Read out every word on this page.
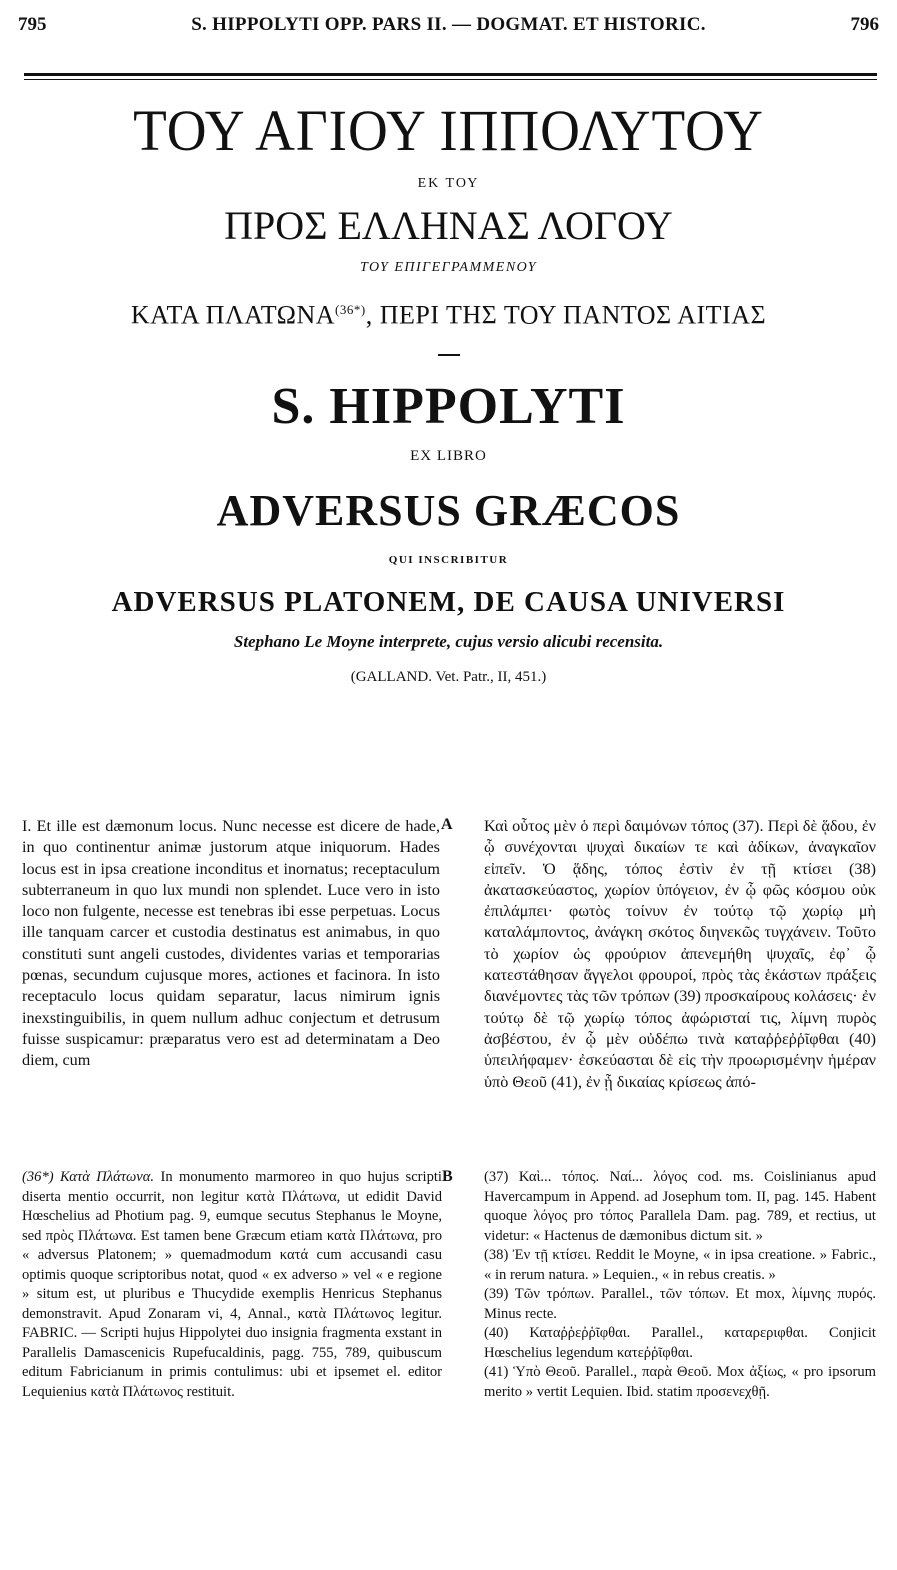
795	S. HIPPOLYTI OPP. PARS II. — DOGMAT. ET HISTORIC.	796
ΤΟΥ ΑΓΙΟΥ ΙΠΠΟΛΥΤΟΥ
ΕΚ ΤΟΥ
ΠΡΟΣ ΕΛΛΗΝΑΣ ΛΟΓΟΥ
ΤΟΥ ΕΠΙΓΕΓΡΑΜΜΕΝΟΥ
ΚΑΤΑ $\Pi\Lambda AT\Omega NA^{(36*)}$, ΠΕΡΙ ΤΗΣ ΤΟΥ ΠΑΝΤΟΣ ΑΙΤΙΑΣ
S. HIPPOLYTI
EX LIBRO
ADVERSUS GRÆCOS
QUI INSCRIBITUR
ADVERSUS PLATONEM, DE CAUSA UNIVERSI
Stephano Le Moyne interprete, cujus versio alicubi recensita.
(GALLAND. Vet. Patr., II, 451.)

I. Et ille est dæmonum locus. Nunc necesse est dicere de hade, in quo continentur animæ justorum atque iniquorum. Hades locus est in ipsa creatione inconditus et inornatus; receptaculum subterraneum in quo lux mundi non splendet. Luce vero in isto loco non fulgente, necesse est tenebras ibi esse perpetuas. Locus ille tanquam carcer et custodia destinatus est animabus, in quo constituti sunt angeli custodes, dividentes varias et temporarias pœnas, secundum cujusque mores, actiones et facinora. In isto receptaculo locus quidam separatur, lacus nimirum ignis inexstinguibilis, in quem nullum adhuc conjectum et detrusum fuisse suspicamur: præparatus vero est ad determinatam a Deo diem, cum

A Καὶ οὗτος μὲν ὁ περὶ δαιμόνων τόπος (37). Περὶ δὲ ᾅδου, ἐν ᾧ συνέχονται ψυχαὶ δικαίων τε καὶ ἀδίκων, ἀναγκαῖον εἰπεῖν. Ὁ ᾅδης, τόπος ἐστὶν ἐν τῇ κτίσει (38) ἀκατασκεύαστος, χωρίον ὑπόγειον, ἐν ᾧ φῶς κόσμου οὐκ ἐπιλάμπει· φωτὸς τοίνυν ἐν τούτῳ τῷ χωρίῳ μὴ καταλάμποντος, ἀνάγκη σκότος διηνεκῶς τυγχάνειν. Τοῦτο τὸ χωρίον ὡς φρούριον ἀπενεμήθη ψυχαῖς, ἐφ᾽ ᾧ κατεστάθησαν ἄγγελοι φρουροί, πρὸς τὰς ἑκάστων πράξεις διανέμοντες τὰς τῶν τρόπων (39) προσκαίρους κολάσεις· ἐν τούτῳ δὲ τῷ χωρίῳ τόπος ἀφώρισταί τις, λίμνη πυρὸς ἀσβέστου, ἐν ᾧ μὲν οὐδέπω τινὰ καταῤῥεῤῥῖφθαι (40) ὑπειλήφαμεν· ἐσκεύασται δὲ εἰς τὴν προωρισμένην ἡμέραν ὑπὸ Θεοῦ (41), ἐν ᾗ δικαίας κρίσεως ἀπό-

(36*) Κατὰ Πλάτωνα. In monumento marmoreo in quo hujus scripti diserta mentio occurrit, non legitur κατὰ Πλάτωνα, ut edidit David Hœschelius ad Photium pag. 9, eumque secutus Stephanus le Moyne, sed πρὸς Πλάτωνα. Est tamen bene Græcum etiam κατὰ Πλάτωνα, pro « adversus Platonem; » quemadmodum κατά cum accusandi casu optimis quoque scriptoribus notat, quod « ex adverso » vel « e regione » situm est, ut pluribus e Thucydide exemplis Henricus Stephanus demonstravit. Apud Zonaram vi, 4, Annal., κατὰ Πλάτωνος legitur. FABRIC. — Scripti hujus Hippolytei duo insignia fragmenta exstant in Parallelis Damascenicis Rupefucaldinis, pagg. 755, 789, quibuscum editum Fabricianum in primis contulimus: ubi et ipsemet el. editor Lequienius κατὰ Πλάτωνος restituit.

B (37) Καὶ... τόπος. Ναί... λόγος cod. ms. Coislinianus apud Havercampum in Append. ad Josephum tom. II, pag. 145. Habent quoque λόγος pro τόπος Parallela Dam. pag. 789, et rectius, ut videtur: « Hactenus de dæmonibus dictum sit. »

(38) Ἐν τῇ κτίσει. Reddit le Moyne, « in ipsa creatione. » Fabric., « in rerum natura. » Lequien., « in rebus creatis. »

(39) Τῶν τρόπων. Parallel., τῶν τόπων. Et mox, λίμνης πυρός. Minus recte.

(40) Καταῤῥεῤῥῖφθαι. Parallel., καταρεριφθαι. Conjicit Hœschelius legendum κατεῤῥῖφθαι.

(41) Ὑπὸ Θεοῦ. Parallel., παρὰ Θεοῦ. Mox ἀξίως, « pro ipsorum merito » vertit Lequien. Ibid. statim προσενεχθῇ.
